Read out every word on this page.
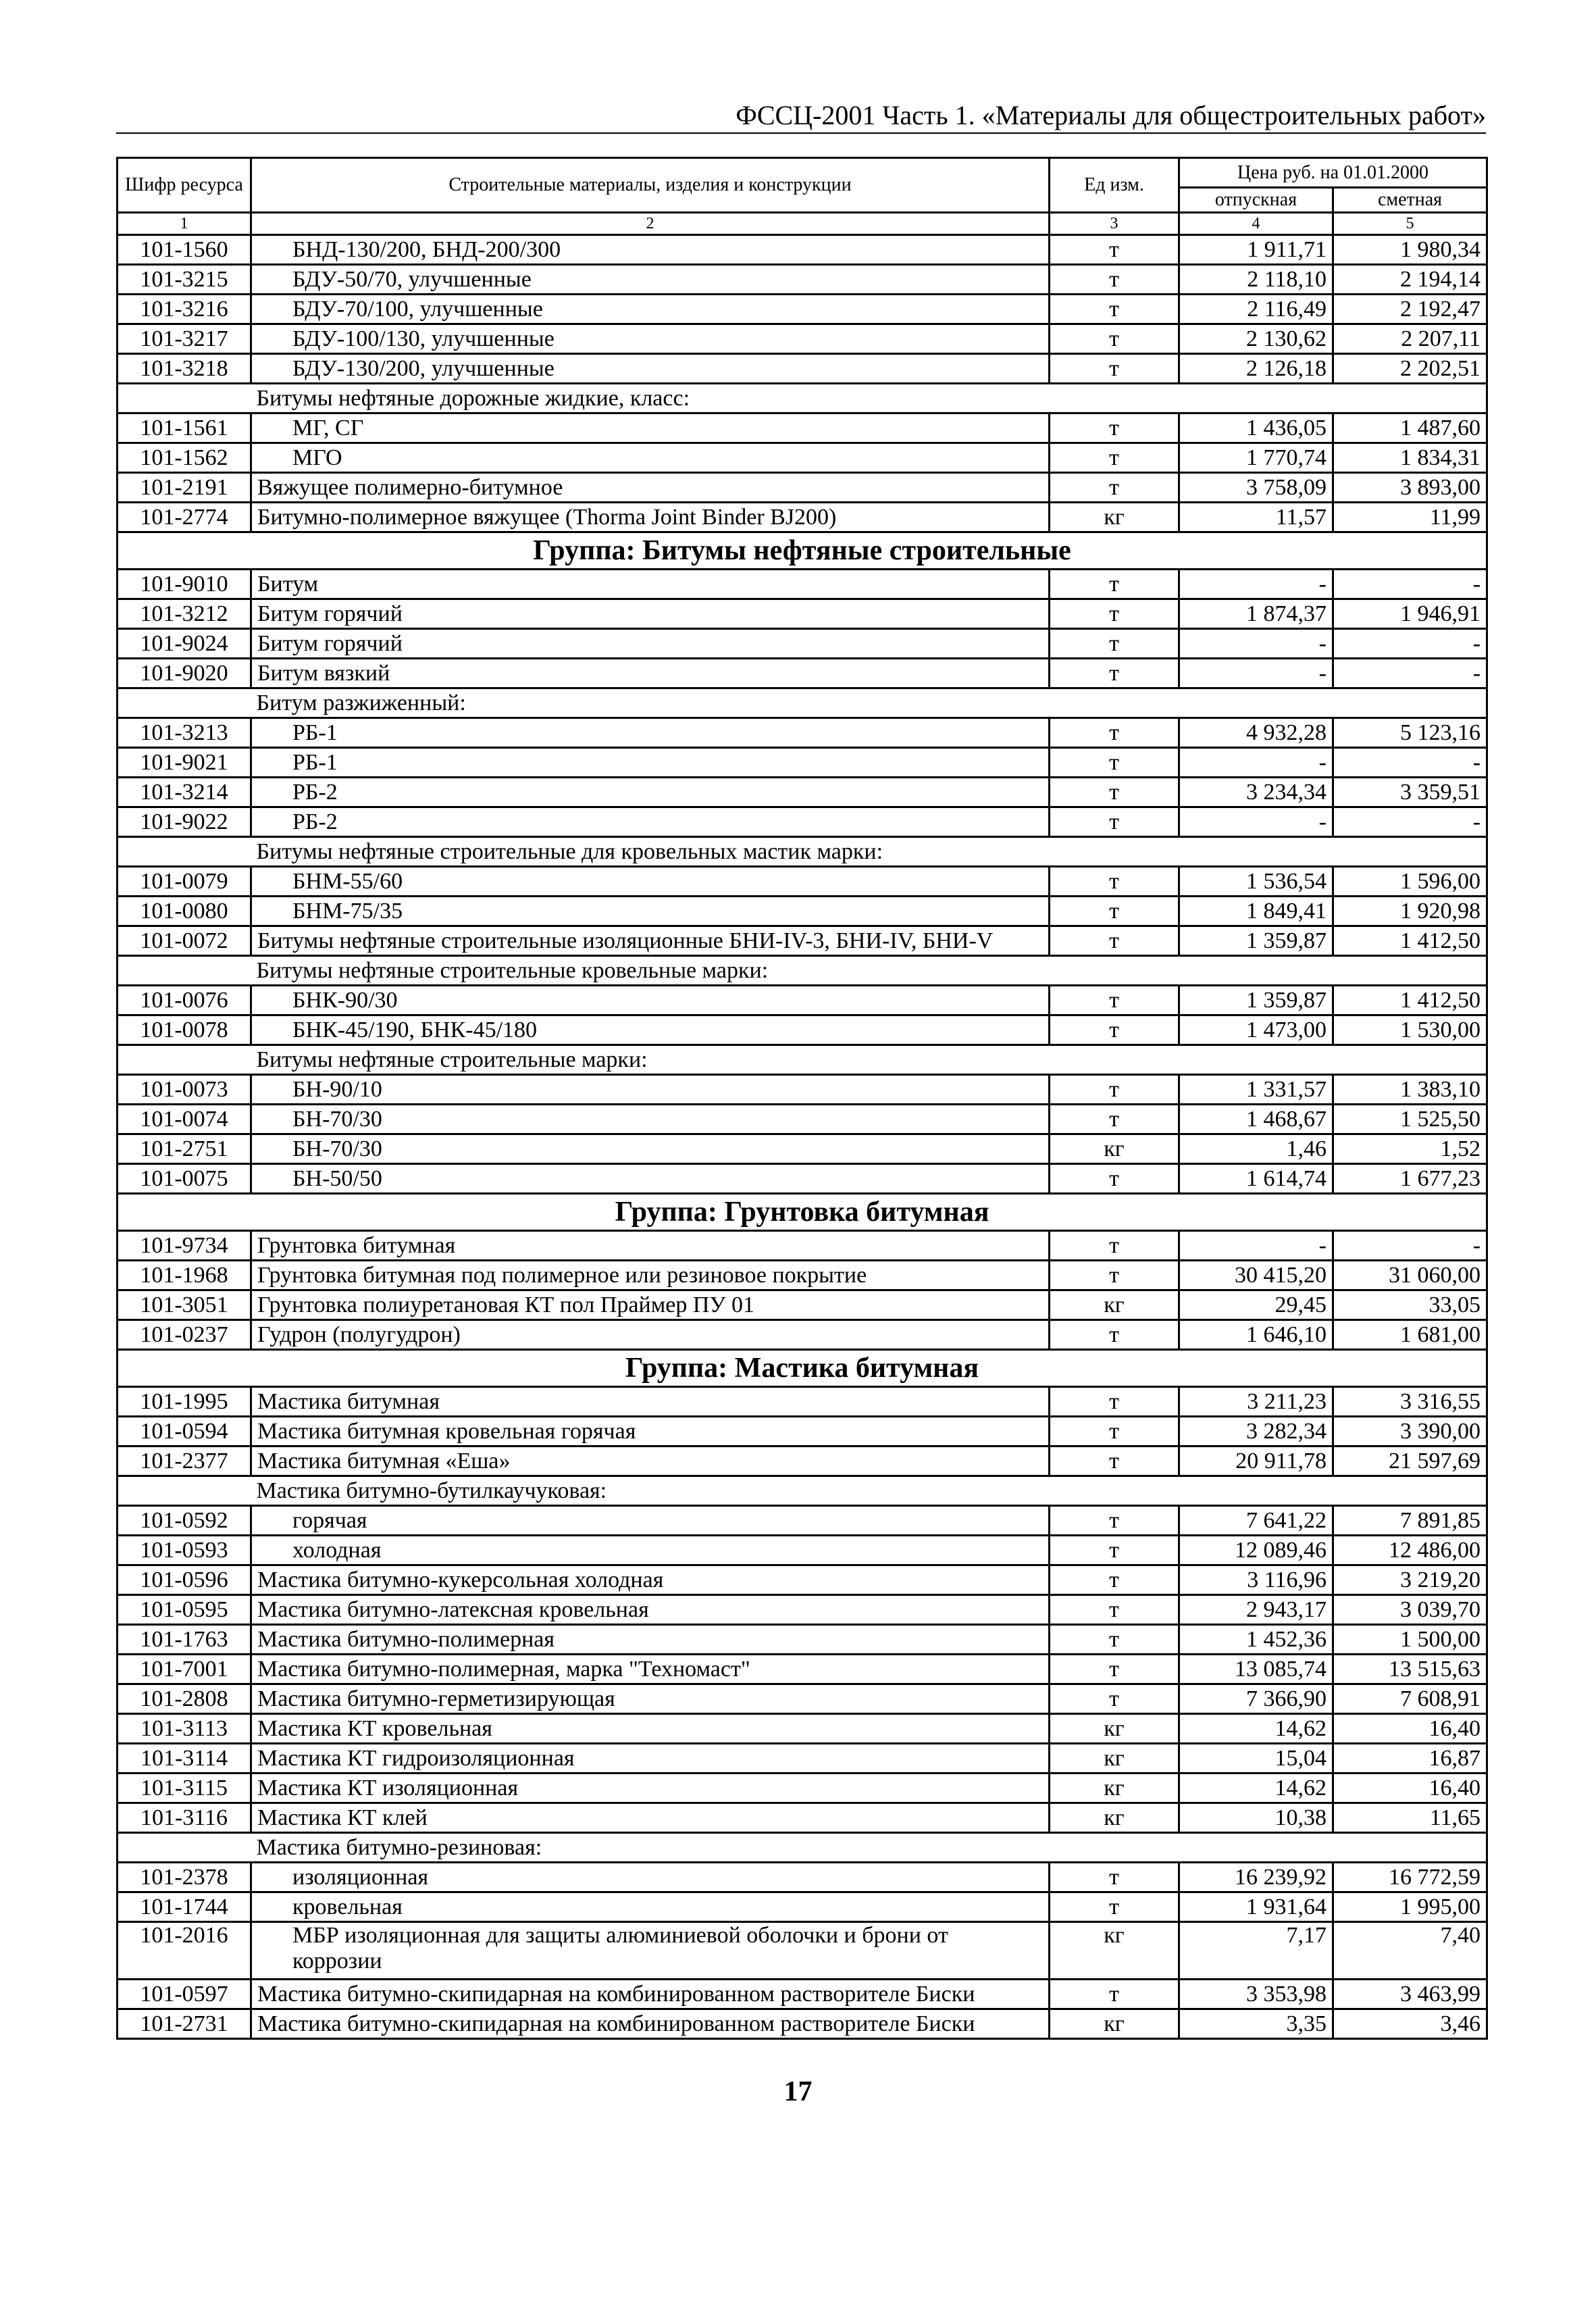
ФССЦ-2001 Часть 1. «Материалы для общестроительных работ»
Шифр ресурса	Строительные материалы, изделия и конструкции	Ед изм.	Цена руб. на 01.01.2000	
			отпускная	сметная
1	2	3	4	5
101-1560	БНД-130/200, БНД-200/300	т	1 911,71	1 980,34
101-3215	БДУ-50/70, улучшенные	т	2 118,10	2 194,14
101-3216	БДУ-70/100, улучшенные	т	2 116,49	2 192,47
101-3217	БДУ-100/130, улучшенные	т	2 130,62	2 207,11
101-3218	БДУ-130/200, улучшенные	т	2 126,18	2 202,51
	Битумы нефтяные дорожные жидкие, класс:			
101-1561	МГ, СГ	т	1 436,05	1 487,60
101-1562	МГО	т	1 770,74	1 834,31
101-2191	Вяжущее полимерно-битумное	т	3 758,09	3 893,00
101-2774	Битумно-полимерное вяжущее (Thorma Joint Binder BJ200)	кг	11,57	11,99
Группа: Битумы нефтяные строительные				
101-9010	Битум	т	-	-
101-3212	Битум горячий	т	1 874,37	1 946,91
101-9024	Битум горячий	т	-	-
101-9020	Битум вязкий	т	-	-
	Битум разжиженный:			
101-3213	РБ-1	т	4 932,28	5 123,16
101-9021	РБ-1	т	-	-
101-3214	РБ-2	т	3 234,34	3 359,51
101-9022	РБ-2	т	-	-
	Битумы нефтяные строительные для кровельных мастик марки:			
101-0079	БНМ-55/60	т	1 536,54	1 596,00
101-0080	БНМ-75/35	т	1 849,41	1 920,98
101-0072	Битумы нефтяные строительные изоляционные БНИ-IV-3, БНИ-IV, БНИ-V	т	1 359,87	1 412,50
	Битумы нефтяные строительные кровельные марки:			
101-0076	БНК-90/30	т	1 359,87	1 412,50
101-0078	БНК-45/190, БНК-45/180	т	1 473,00	1 530,00
	Битумы нефтяные строительные марки:			
101-0073	БН-90/10	т	1 331,57	1 383,10
101-0074	БН-70/30	т	1 468,67	1 525,50
101-2751	БН-70/30	кг	1,46	1,52
101-0075	БН-50/50	т	1 614,74	1 677,23
Группа: Грунтовка битумная				
101-9734	Грунтовка битумная	т	-	-
101-1968	Грунтовка битумная под полимерное или резиновое покрытие	т	30 415,20	31 060,00
101-3051	Грунтовка полиуретановая КТ пол Праймер ПУ 01	кг	29,45	33,05
101-0237	Гудрон (полугудрон)	т	1 646,10	1 681,00
Группа: Мастика битумная				
101-1995	Мастика битумная	т	3 211,23	3 316,55
101-0594	Мастика битумная кровельная горячая	т	3 282,34	3 390,00
101-2377	Мастика битумная «Еша»	т	20 911,78	21 597,69
	Мастика битумно-бутилкаучуковая:			
101-0592	горячая	т	7 641,22	7 891,85
101-0593	холодная	т	12 089,46	12 486,00
101-0596	Мастика битумно-кукерсольная холодная	т	3 116,96	3 219,20
101-0595	Мастика битумно-латексная кровельная	т	2 943,17	3 039,70
101-1763	Мастика битумно-полимерная	т	1 452,36	1 500,00
101-7001	Мастика битумно-полимерная, марка "Техномаст"	т	13 085,74	13 515,63
101-2808	Мастика битумно-герметизирующая	т	7 366,90	7 608,91
101-3113	Мастика КТ кровельная	кг	14,62	16,40
101-3114	Мастика КТ гидроизоляционная	кг	15,04	16,87
101-3115	Мастика КТ изоляционная	кг	14,62	16,40
101-3116	Мастика КТ клей	кг	10,38	11,65
	Мастика битумно-резиновая:			
101-2378	изоляционная	т	16 239,92	16 772,59
101-1744	кровельная	т	1 931,64	1 995,00
101-2016	МБР изоляционная для защиты алюминиевой оболочки и брони от коррозии	кг	7,17	7,40
101-0597	Мастика битумно-скипидарная на комбинированном растворителе Биски	т	3 353,98	3 463,99
101-2731	Мастика битумно-скипидарная на комбинированном растворителе Биски	кг	3,35	3,46
17
